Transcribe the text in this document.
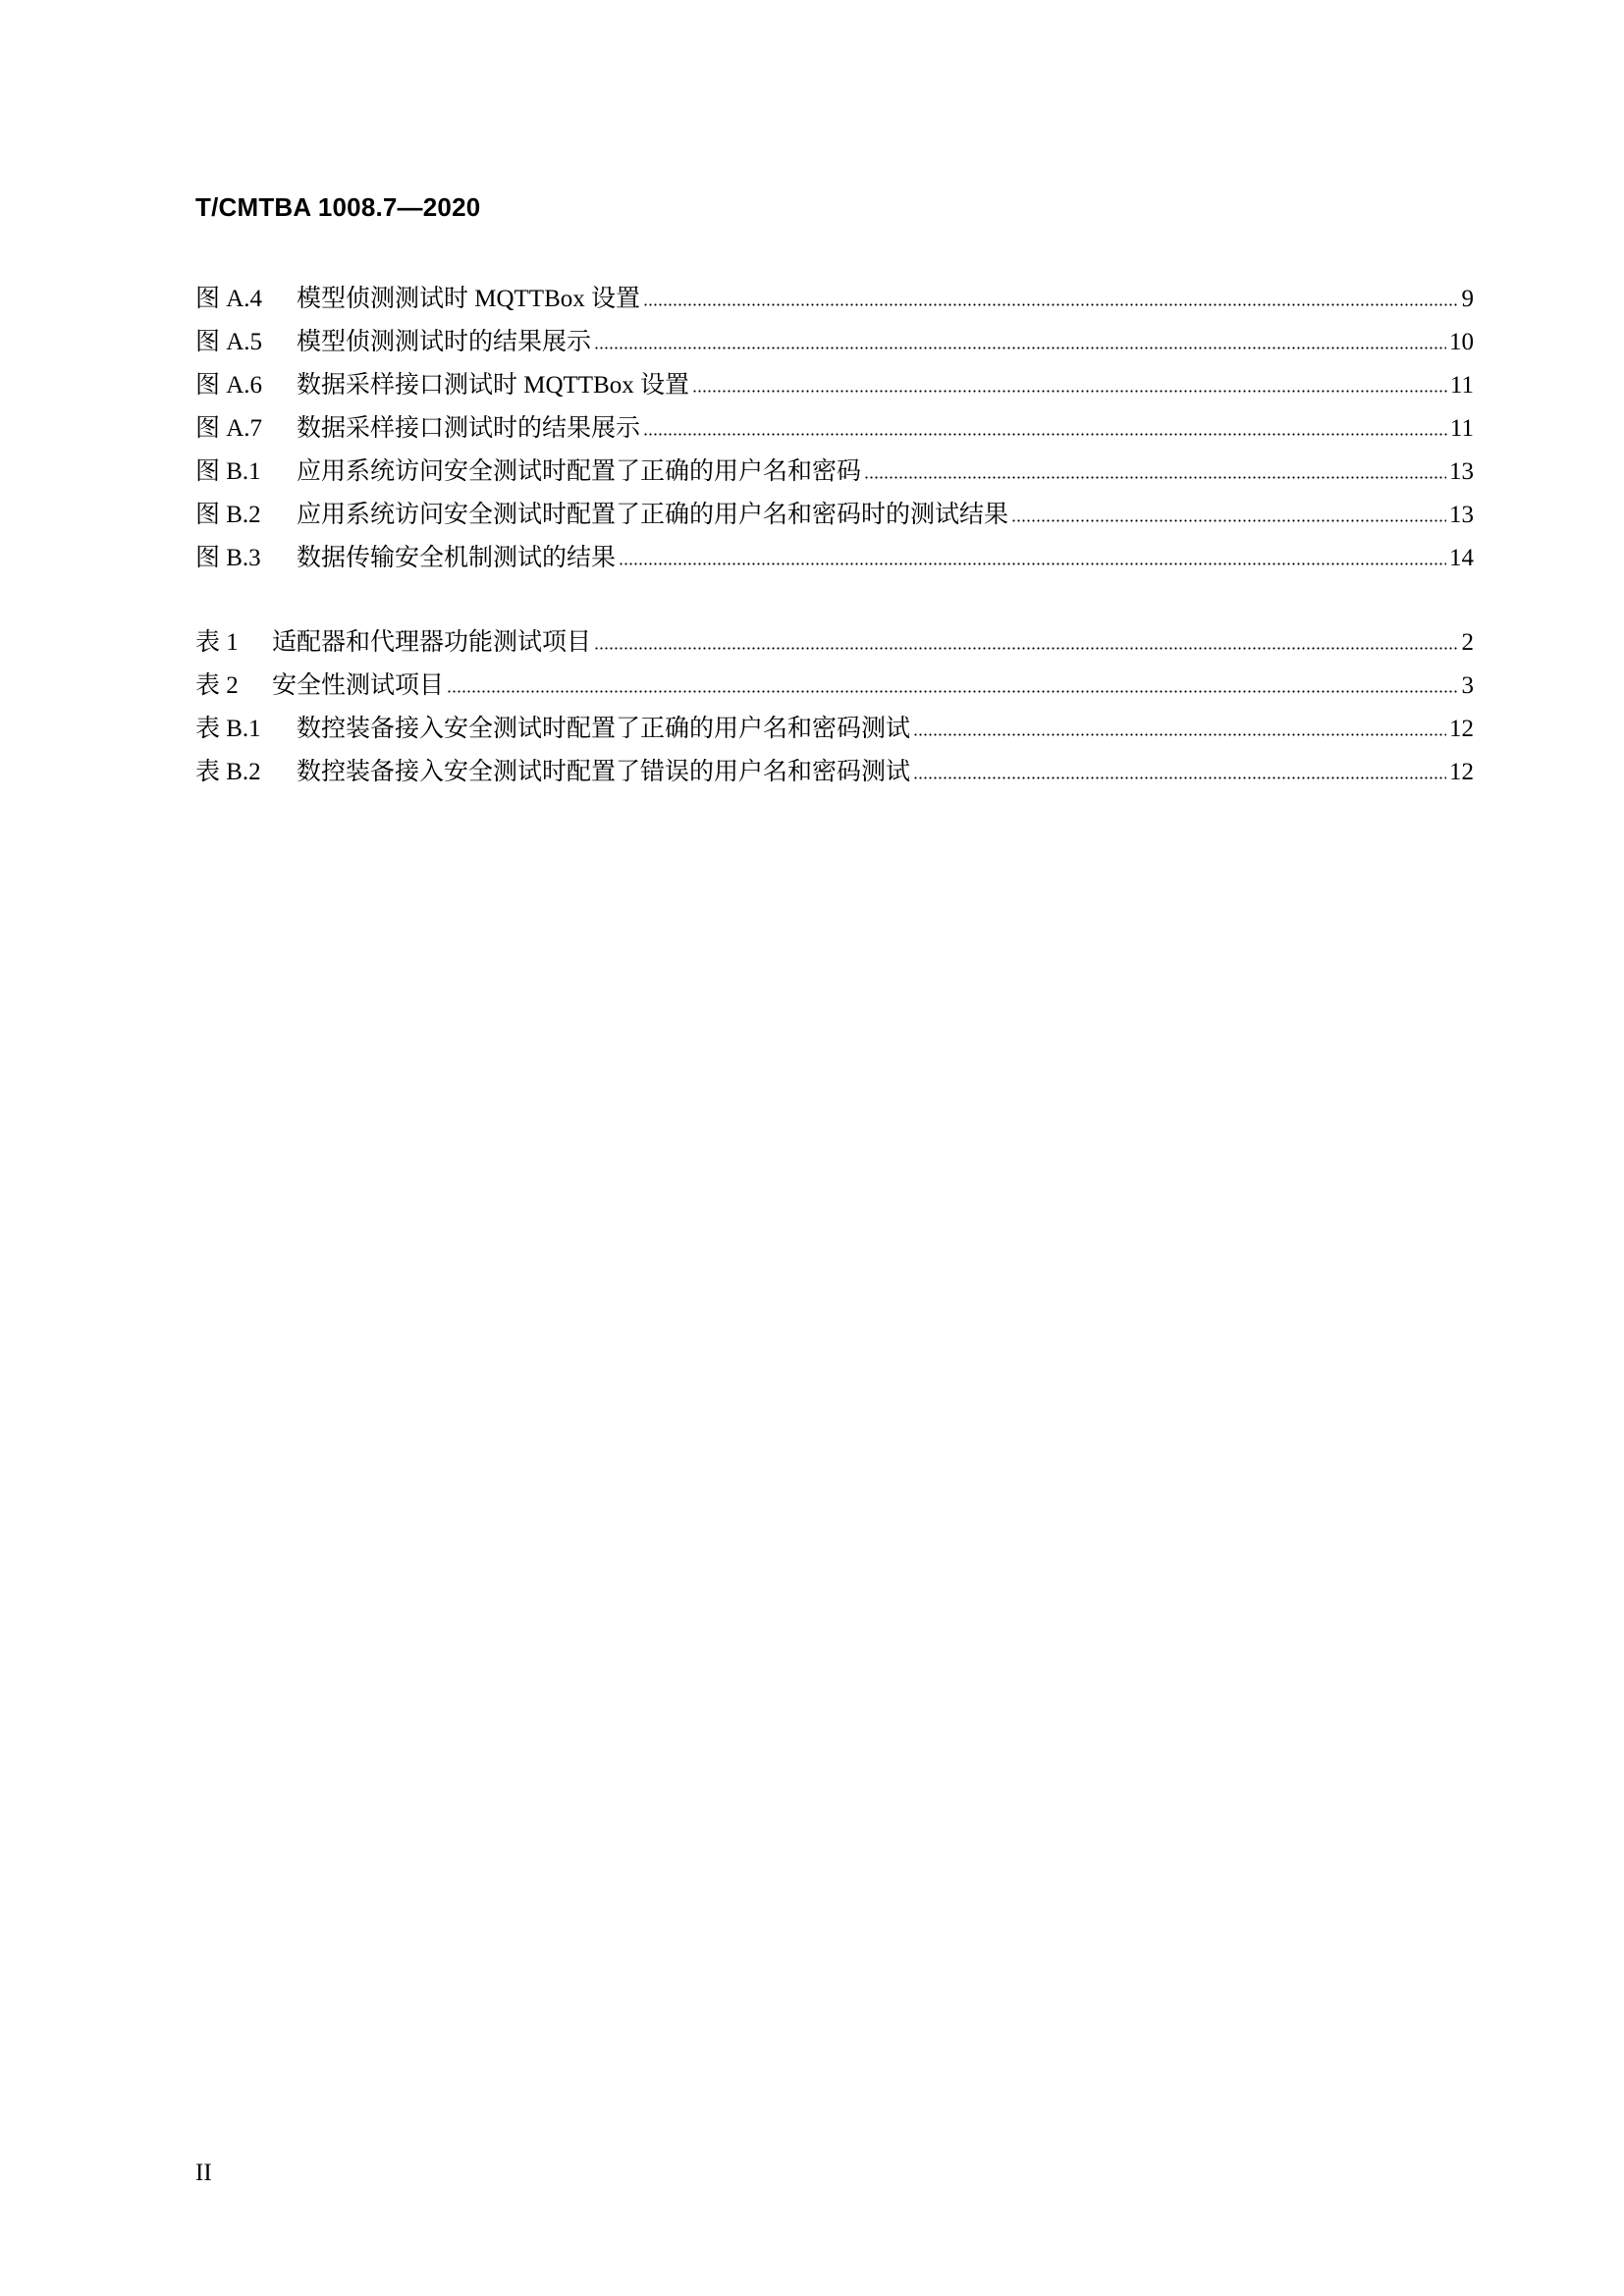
T/CMTBA 1008.7—2020
图 A.4	模型侦测测试时 MQTTBox 设置	9
图 A.5	模型侦测测试时的结果展示	10
图 A.6	数据采样接口测试时 MQTTBox 设置	11
图 A.7	数据采样接口测试时的结果展示	11
图 B.1	应用系统访问安全测试时配置了正确的用户名和密码	13
图 B.2	应用系统访问安全测试时配置了正确的用户名和密码时的测试结果	13
图 B.3	数据传输安全机制测试的结果	14
表 1	适配器和代理器功能测试项目	2
表 2	安全性测试项目	3
表 B.1	数控装备接入安全测试时配置了正确的用户名和密码测试	12
表 B.2	数控装备接入安全测试时配置了错误的用户名和密码测试	12
II
